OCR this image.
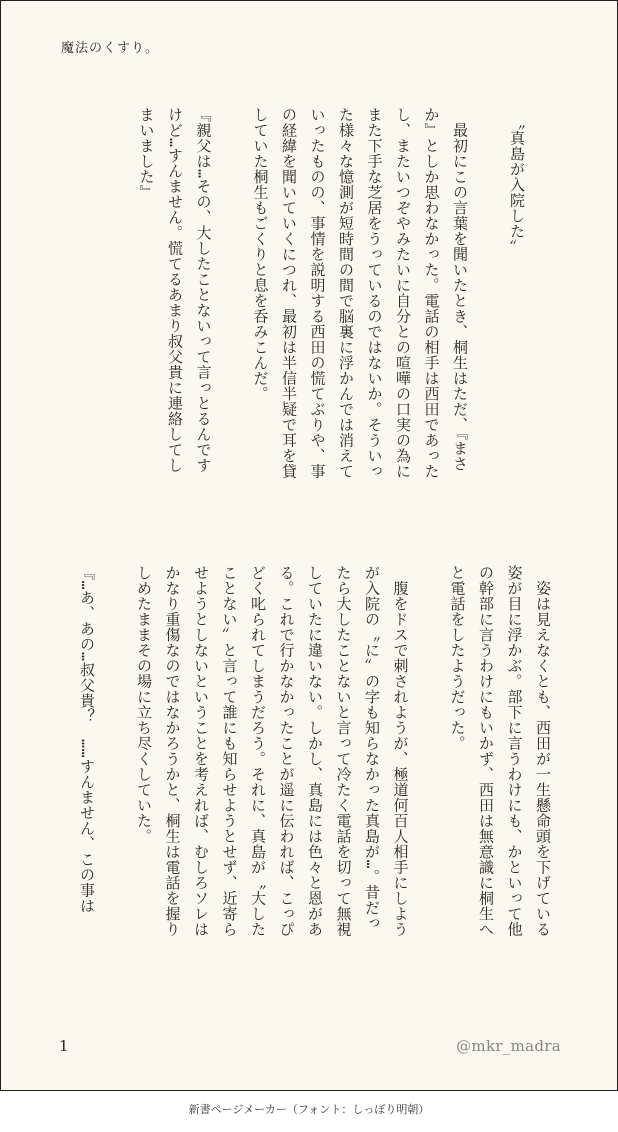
魔法のくすり。
　〝真島が入院した〟

　最初にこの言葉を聞いたとき、桐生はただ、『まさ
か』としか思わなかった。電話の相手は西田であった
し、またいつぞやみたいに自分との喧嘩の口実の為に
また下手な芝居をうっているのではないか。そういっ
た様々な憶測が短時間の間で脳裏に浮かんでは消えて
いったものの、事情を説明する西田の慌てぶりや、事
の経緯を聞いていくにつれ、最初は半信半疑で耳を貸
していた桐生もごくりと息を呑みこんだ。

『親父は…その、大したことないって言っとるんです
けど…すんません。慌てるあまり叔父貴に連絡してし
まいました』
　姿は見えなくとも、西田が一生懸命頭を下げている
姿が目に浮かぶ。部下に言うわけにも、かといって他
の幹部に言うわけにもいかず、西田は無意識に桐生へ
と電話をしたようだった。

　腹をドスで刺されようが、極道何百人相手にしよう
が入院の〝に〟の字も知らなかった真島が…。昔だっ
たら大したことないと言って冷たく電話を切って無視
していたに違いない。しかし、真島には色々と恩があ
る。これで行かなかったことが遥に伝われば、こっぴ
どく叱られてしまうだろう。それに、真島が〝大した
ことない〟と言って誰にも知らせようとせず、近寄ら
せようとしないということを考えれば、むしろソレは
かなり重傷なのではなかろうかと、桐生は電話を握り
しめたままその場に立ち尽くしていた。

『…あ、あの…叔父貴？　……すんません、この事は
1	@mkr_madra
新書ページメーカー（フォント：しっぽり明朝）
